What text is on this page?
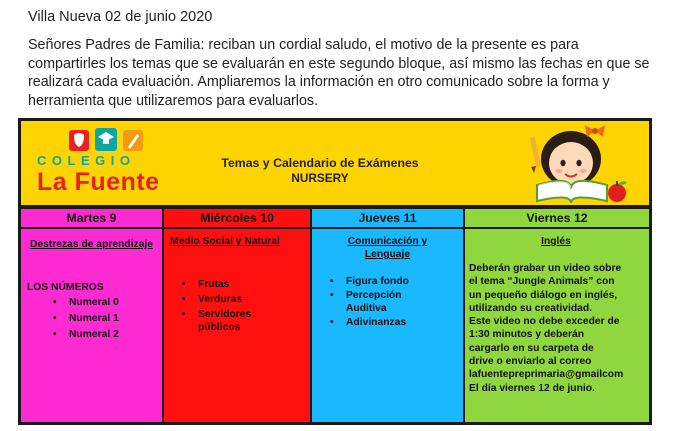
Villa Nueva 02 de junio 2020
Señores Padres de Familia: reciban un cordial saludo, el motivo de la presente es para compartirles los temas que se evaluarán en este segundo bloque, así mismo las fechas en que se realizará cada evaluación. Ampliaremos la información en otro comunicado sobre la forma y herramienta que utilizaremos para evaluarlos.
COLEGIO
La Fuente
Temas y Calendario de Exámenes
NURSERY
Martes 9
Destrezas de aprendizaje
LOS NÚMEROS
• Numeral 0
• Numeral 1
• Numeral 2
Miércoles 10
Medio Social y Natural
• Frutas
• Verduras
• Servidores públicos
Jueves 11
Comunicación y Lenguaje
• Figura fondo
• Percepción Auditiva
• Adivinanzas
Viernes 12
Inglés
Deberán grabar un video sobre
el tema “Jungle Animals” con
un pequeño diálogo en inglés,
utilizando su creatividad.
Este video no debe exceder de
1:30 minutos y deberán
cargarlo en su carpeta de
drive o enviarlo al correo
lafuentepreprimaria@gmailcom
El día viernes 12 de junio.
